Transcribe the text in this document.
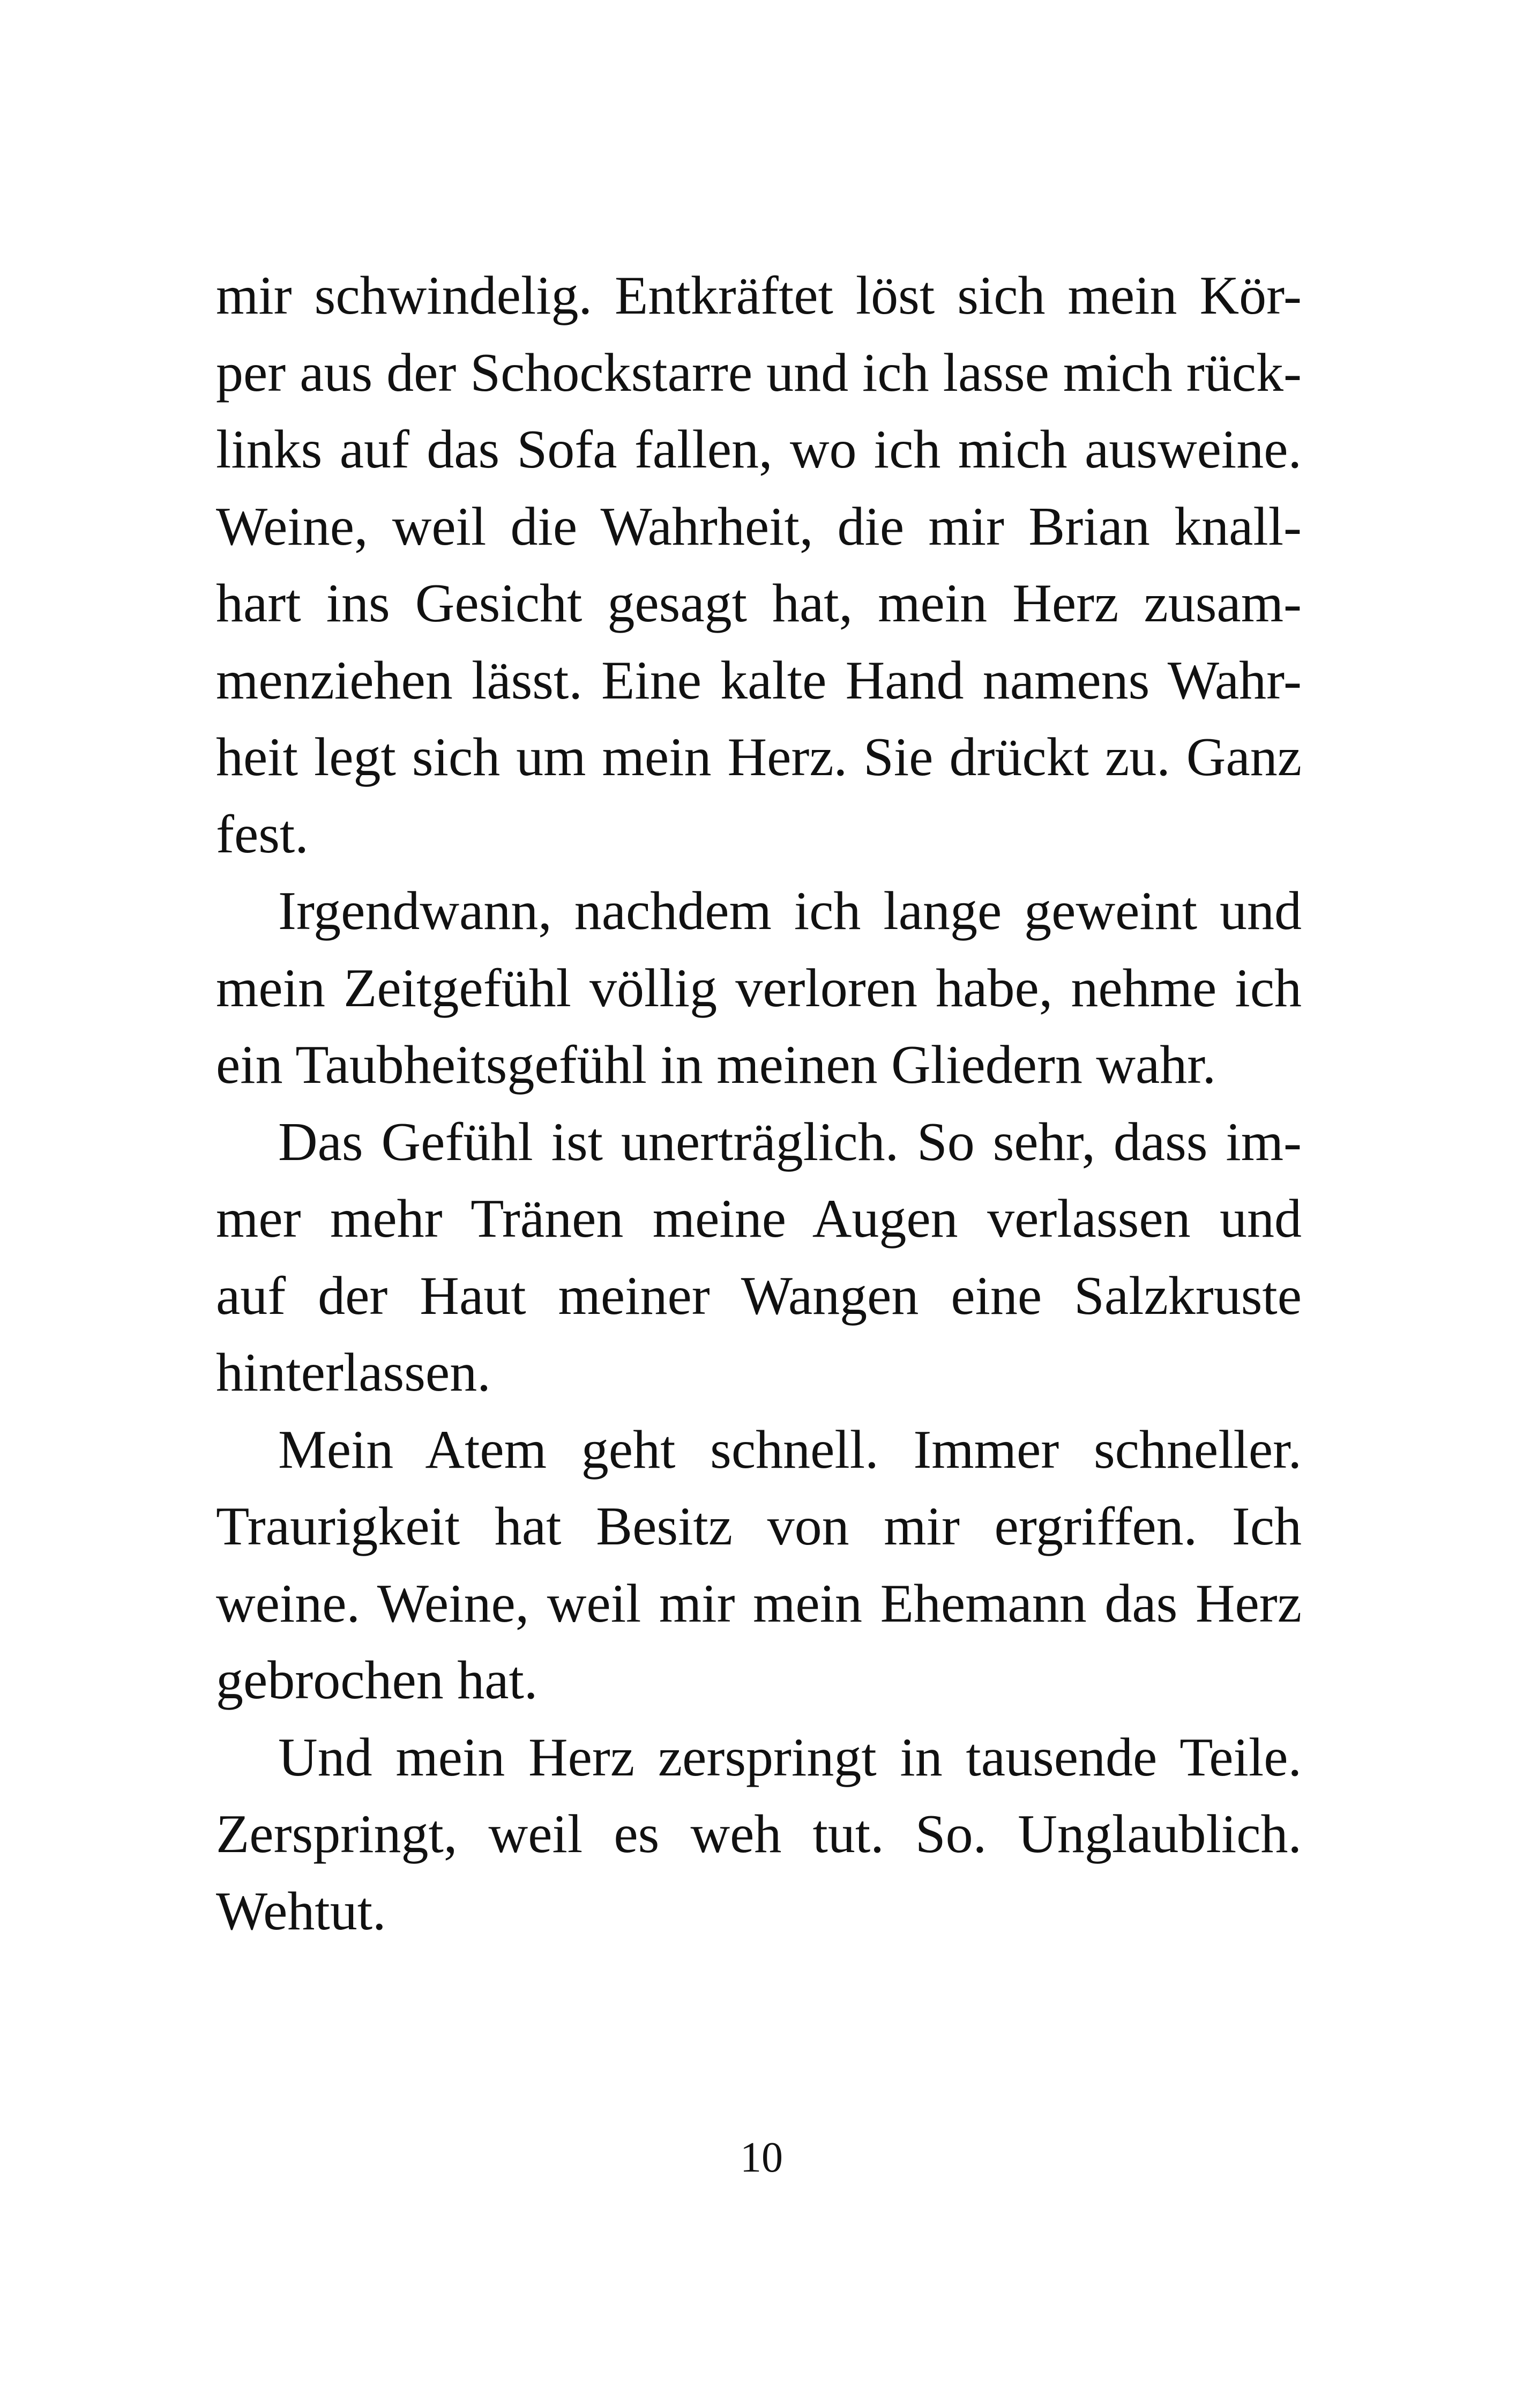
mir schwindelig. Entkräftet löst sich mein Kör-
per aus der Schockstarre und ich lasse mich rück-
links auf das Sofa fallen, wo ich mich ausweine.
Weine, weil die Wahrheit, die mir Brian knall-
hart ins Gesicht gesagt hat, mein Herz zusam-
menziehen lässt. Eine kalte Hand namens Wahr-
heit legt sich um mein Herz. Sie drückt zu. Ganz
fest.
Irgendwann, nachdem ich lange geweint und
mein Zeitgefühl völlig verloren habe, nehme ich
ein Taubheitsgefühl in meinen Gliedern wahr.
Das Gefühl ist unerträglich. So sehr, dass im-
mer mehr Tränen meine Augen verlassen und
auf der Haut meiner Wangen eine Salzkruste
hinterlassen.
Mein Atem geht schnell. Immer schneller.
Traurigkeit hat Besitz von mir ergriffen. Ich
weine. Weine, weil mir mein Ehemann das Herz
gebrochen hat.
Und mein Herz zerspringt in tausende Teile.
Zerspringt, weil es weh tut. So. Unglaublich.
Wehtut.
10
